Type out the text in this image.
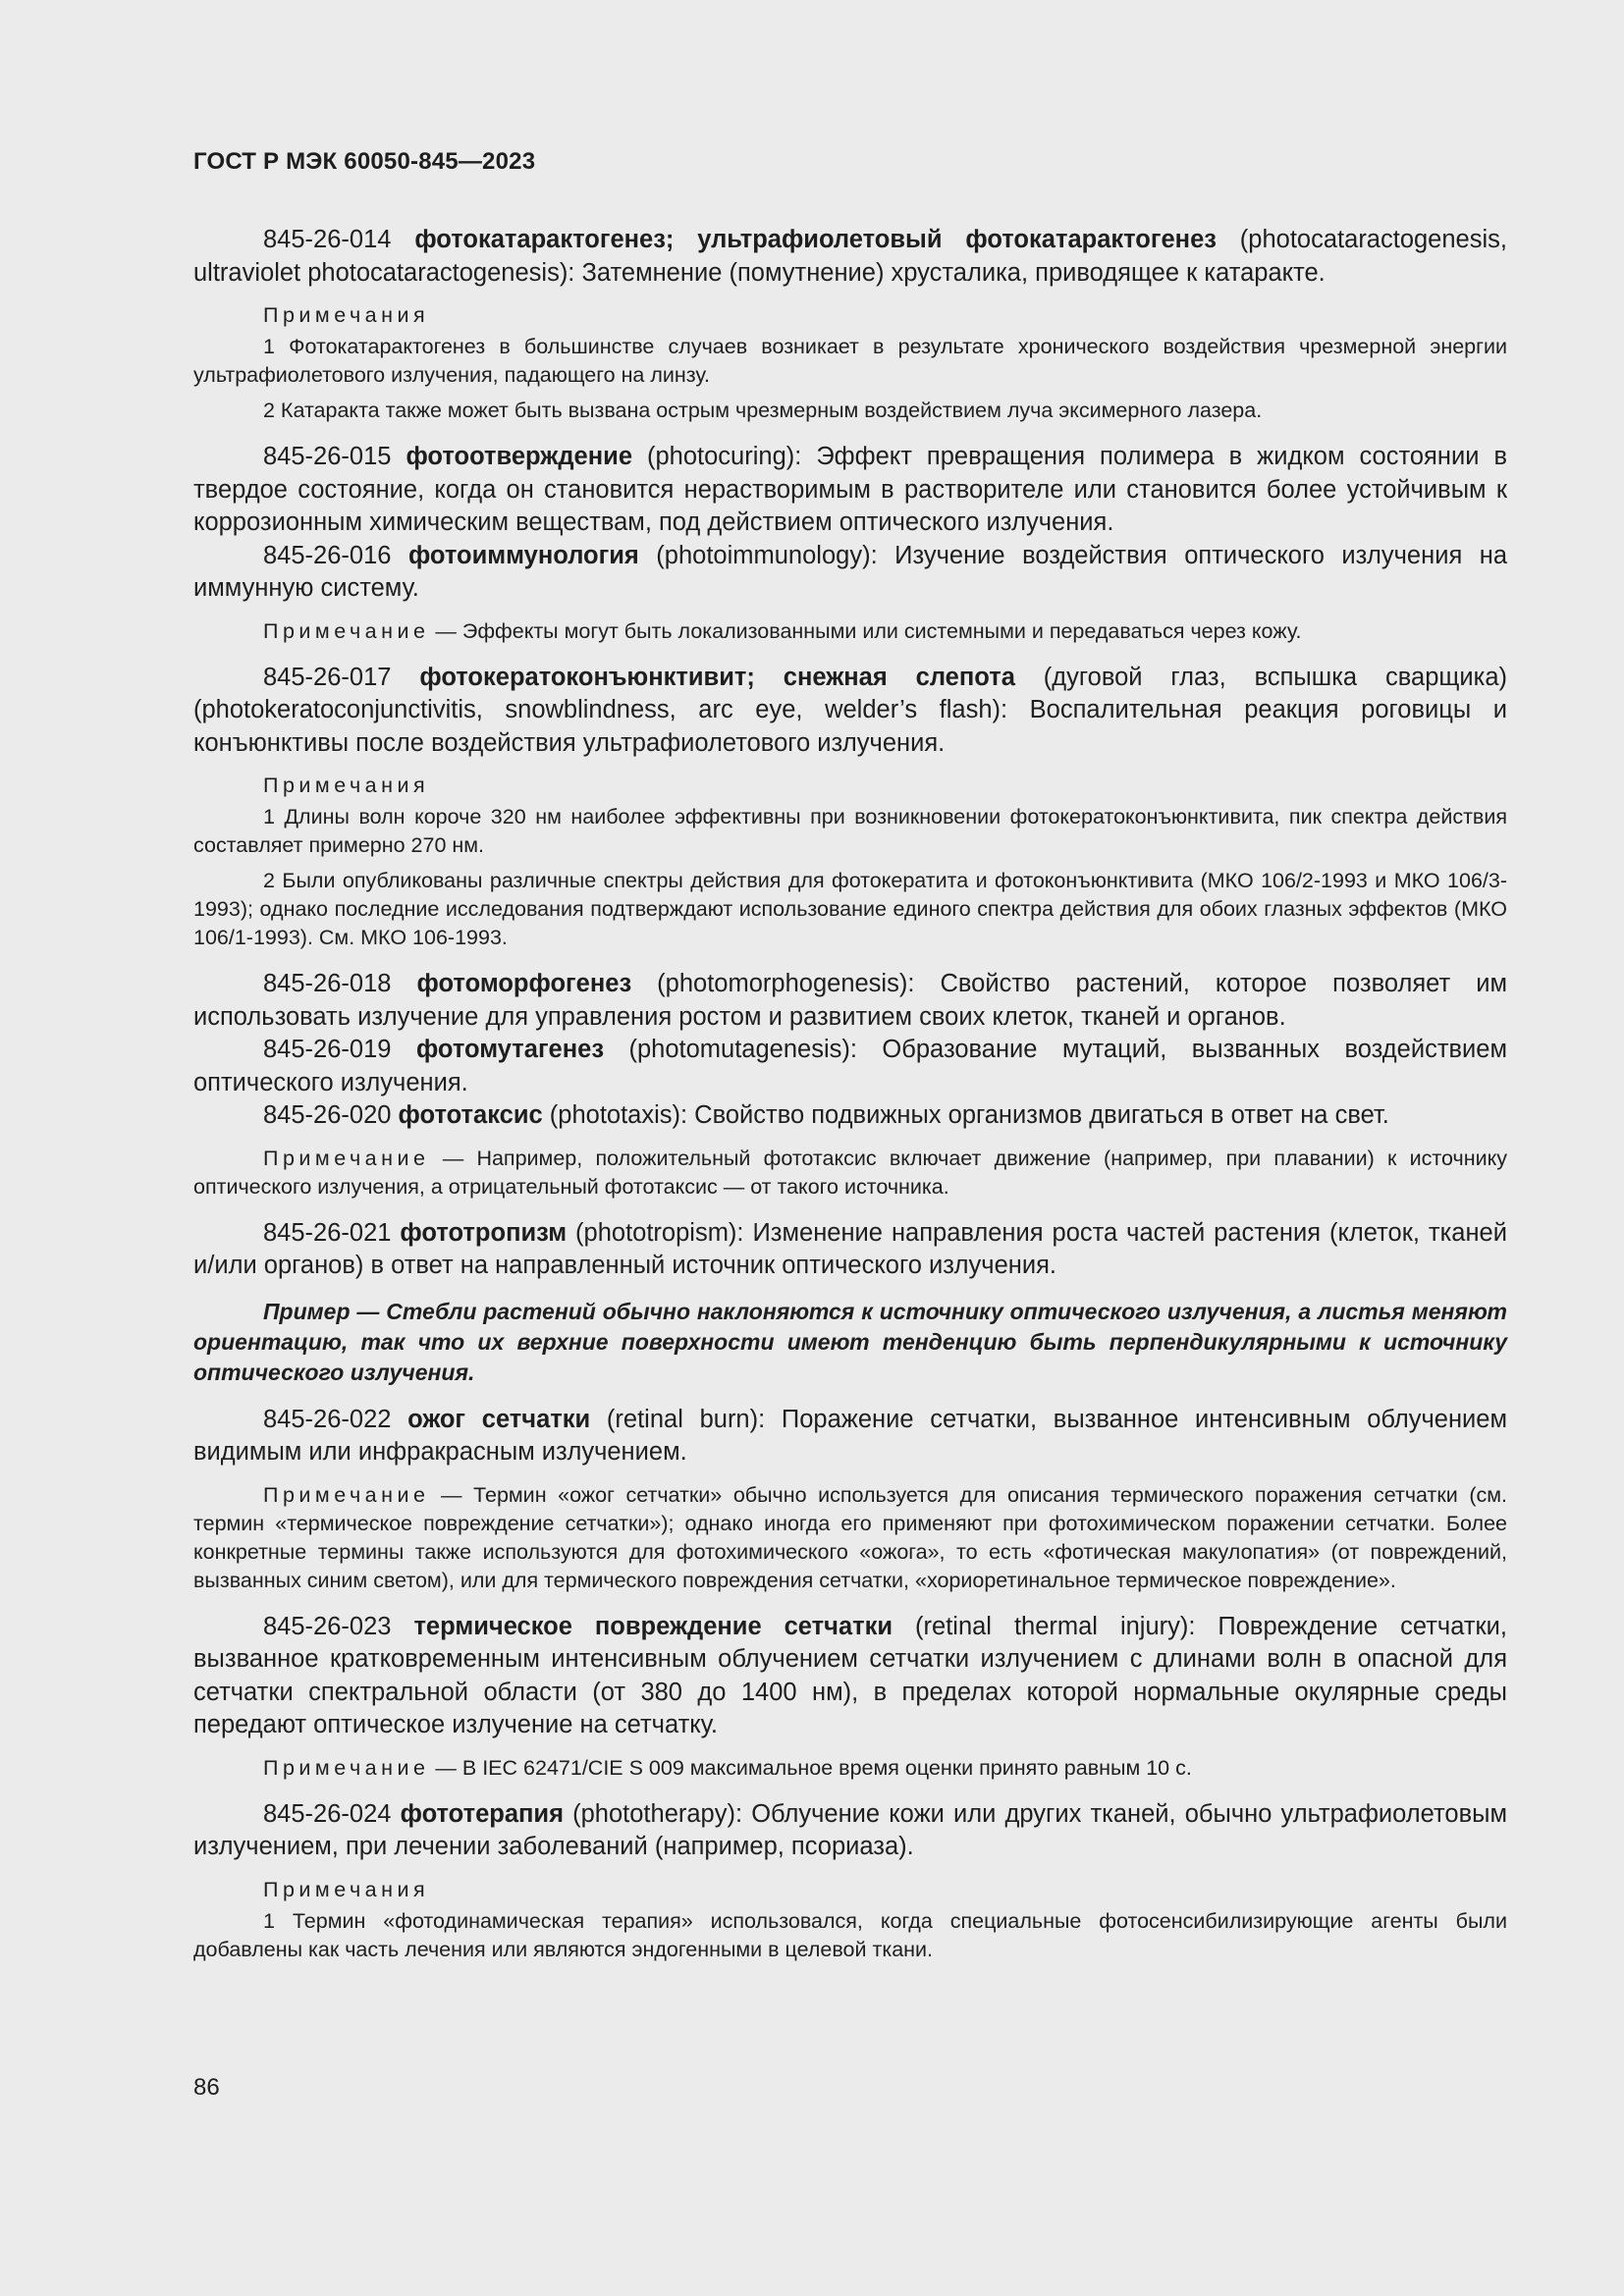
ГОСТ Р МЭК 60050-845—2023

845-26-014 фотокатарактогенез; ультрафиолетовый фотокатарактогенез (photocataractogenesis, ultraviolet photocataractogenesis): Затемнение (помутнение) хрусталика, приводящее к катаракте.

Примечания

1 Фотокатарактогенез в большинстве случаев возникает в результате хронического воздействия чрезмерной энергии ультрафиолетового излучения, падающего на линзу.

2 Катаракта также может быть вызвана острым чрезмерным воздействием луча эксимерного лазера.

845-26-015 фотоотверждение (photocuring): Эффект превращения полимера в жидком состоянии в твердое состояние, когда он становится нерастворимым в растворителе или становится более устойчивым к коррозионным химическим веществам, под действием оптического излучения.

845-26-016 фотоиммунология (photoimmunology): Изучение воздействия оптического излучения на иммунную систему.

Примечание — Эффекты могут быть локализованными или системными и передаваться через кожу.

845-26-017 фотокератоконъюнктивит; снежная слепота (дуговой глаз, вспышка сварщика) (photokeratoconjunctivitis, snowblindness, arc eye, welder’s flash): Воспалительная реакция роговицы и конъюнктивы после воздействия ультрафиолетового излучения.

Примечания

1 Длины волн короче 320 нм наиболее эффективны при возникновении фотокератоконъюнктивита, пик спектра действия составляет примерно 270 нм.

2 Были опубликованы различные спектры действия для фотокератита и фотоконъюнктивита (МКО 106/2-1993 и МКО 106/3-1993); однако последние исследования подтверждают использование единого спектра действия для обоих глазных эффектов (МКО 106/1-1993). См. МКО 106-1993.

845-26-018 фотоморфогенез (photomorphogenesis): Свойство растений, которое позволяет им использовать излучение для управления ростом и развитием своих клеток, тканей и органов.

845-26-019 фотомутагенез (photomutagenesis): Образование мутаций, вызванных воздействием оптического излучения.

845-26-020 фототаксис (phototaxis): Свойство подвижных организмов двигаться в ответ на свет.

Примечание — Например, положительный фототаксис включает движение (например, при плавании) к источнику оптического излучения, а отрицательный фототаксис — от такого источника.

845-26-021 фототропизм (phototropism): Изменение направления роста частей растения (клеток, тканей и/или органов) в ответ на направленный источник оптического излучения.

Пример — Стебли растений обычно наклоняются к источнику оптического излучения, а листья меняют ориентацию, так что их верхние поверхности имеют тенденцию быть перпендикулярными к источнику оптического излучения.

845-26-022 ожог сетчатки (retinal burn): Поражение сетчатки, вызванное интенсивным облучением видимым или инфракрасным излучением.

Примечание — Термин «ожог сетчатки» обычно используется для описания термического поражения сетчатки (см. термин «термическое повреждение сетчатки»); однако иногда его применяют при фотохимическом поражении сетчатки. Более конкретные термины также используются для фотохимического «ожога», то есть «фотическая макулопатия» (от повреждений, вызванных синим светом), или для термического повреждения сетчатки, «хориоретинальное термическое повреждение».

845-26-023 термическое повреждение сетчатки (retinal thermal injury): Повреждение сетчатки, вызванное кратковременным интенсивным облучением сетчатки излучением с длинами волн в опасной для сетчатки спектральной области (от 380 до 1400 нм), в пределах которой нормальные окулярные среды передают оптическое излучение на сетчатку.

Примечание — В IEC 62471/CIE S 009 максимальное время оценки принято равным 10 с.

845-26-024 фототерапия (phototherapy): Облучение кожи или других тканей, обычно ультрафиолетовым излучением, при лечении заболеваний (например, псориаза).

Примечания

1 Термин «фотодинамическая терапия» использовался, когда специальные фотосенсибилизирующие агенты были добавлены как часть лечения или являются эндогенными в целевой ткани.

86
